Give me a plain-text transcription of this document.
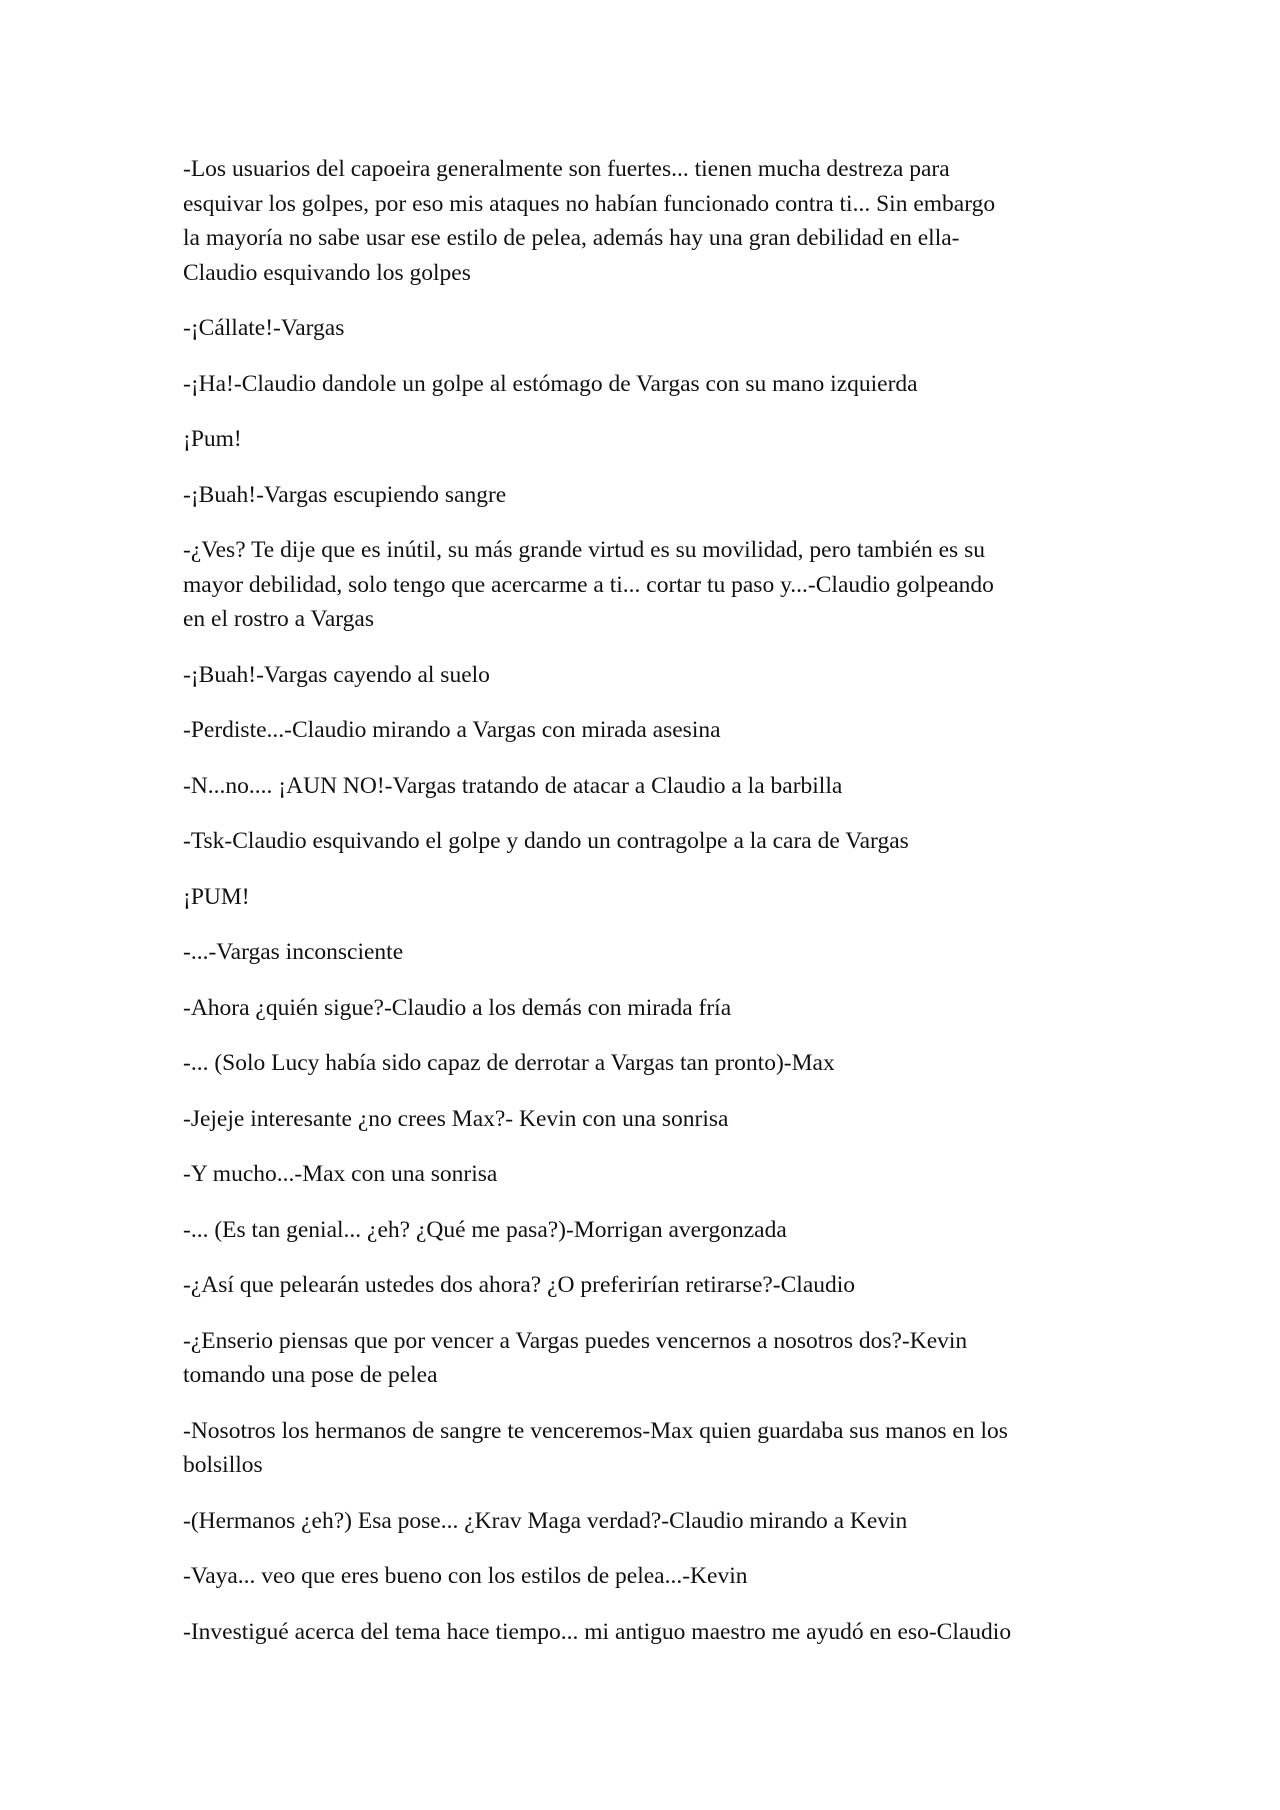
-Los usuarios del capoeira generalmente son fuertes... tienen mucha destreza para
esquivar los golpes, por eso mis ataques no habían funcionado contra ti... Sin embargo
la mayoría no sabe usar ese estilo de pelea, además hay una gran debilidad en ella-
Claudio esquivando los golpes

-¡Cállate!-Vargas

-¡Ha!-Claudio dandole un golpe al estómago de Vargas con su mano izquierda

¡Pum!

-¡Buah!-Vargas escupiendo sangre

-¿Ves? Te dije que es inútil, su más grande virtud es su movilidad, pero también es su
mayor debilidad, solo tengo que acercarme a ti... cortar tu paso y...-Claudio golpeando
en el rostro a Vargas

-¡Buah!-Vargas cayendo al suelo

-Perdiste...-Claudio mirando a Vargas con mirada asesina

-N...no.... ¡AUN NO!-Vargas tratando de atacar a Claudio a la barbilla

-Tsk-Claudio esquivando el golpe y dando un contragolpe a la cara de Vargas

¡PUM!

-...-Vargas inconsciente

-Ahora ¿quién sigue?-Claudio a los demás con mirada fría

-... (Solo Lucy había sido capaz de derrotar a Vargas tan pronto)-Max

-Jejeje interesante ¿no crees Max?- Kevin con una sonrisa

-Y mucho...-Max con una sonrisa

-... (Es tan genial... ¿eh? ¿Qué me pasa?)-Morrigan avergonzada

-¿Así que pelearán ustedes dos ahora? ¿O preferirían retirarse?-Claudio

-¿Enserio piensas que por vencer a Vargas puedes vencernos a nosotros dos?-Kevin
tomando una pose de pelea

-Nosotros los hermanos de sangre te venceremos-Max quien guardaba sus manos en los
bolsillos

-(Hermanos ¿eh?) Esa pose... ¿Krav Maga verdad?-Claudio mirando a Kevin

-Vaya... veo que eres bueno con los estilos de pelea...-Kevin

-Investigué acerca del tema hace tiempo... mi antiguo maestro me ayudó en eso-Claudio
